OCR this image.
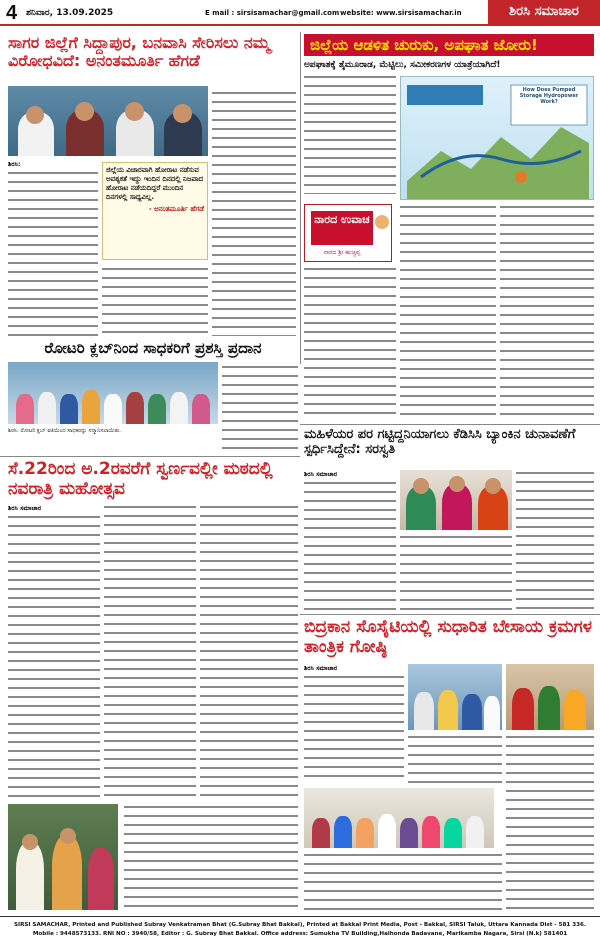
4 ಶನಿವಾರ, 13.09.2025	E mail : sirsisamachar@gmail.com website: www.sirsisamachar.in	ಶಿರಸಿ ಸಮಾಚಾರ
ಸಾಗರ ಜಿಲ್ಲೆಗೆ ಸಿದ್ದಾಪುರ, ಬನವಾಸಿ ಸೇರಿಸಲು ನಮ್ಮ ವಿರೋಧವಿದೆ: ಅನಂತಮೂರ್ತಿ ಹೆಗಡೆ
ಜಿಲ್ಲೆಯ ವಿಚಾರವಾಗಿ ಹೋರಾಟ ನಡೆಸುವ ಅವಶ್ಯಕತೆ ಇದ್ದು ಇಂದಿನ ದಿನದಲ್ಲಿ ನಿಜವಾದ ಹೋರಾಟ ನಡೆಯದಿದ್ದರೆ ಮುಂದಿನ ದಿನಗಳಲ್ಲಿ ಸಾಧ್ಯವಿಲ್ಲ.
- ಅನಂತಮೂರ್ತಿ ಹೆಗಡೆ
ಶಿರಸಿ:
ಜಿಲ್ಲೆಯ ಆಡಳಿತ ಚುರುಕು, ಅಪಘಾತ ಜೋರು!
ಅಪಘಾತಕ್ಕೆ ತೈಮೂರಾಡ, ಮೆಟ್ಟಿಲು, ಸಮೀಕರಣಗಳ ಯಾತ್ರೆಯಾಗಿದೆ!
How Does Pumped Storage Hydropower Work?
ನಾರದ ಉವಾಚ
ನಾರದ ಶ್ರೀ ಹುಚ್ಚಪ್ಪ
ರೋಟರಿ ಕ್ಲಬ್‌ನಿಂದ ಸಾಧಕರಿಗೆ ಪ್ರಶಸ್ತಿ ಪ್ರದಾನ
ಶಿರಸಿ: ರೋಟರಿ ಕ್ಲಬ್ ವತಿಯಿಂದ ಸಾಧಕರನ್ನು ಸನ್ಮಾನಿಸಲಾಯಿತು.
ಸೆ.22ರಿಂದ ಅ.2ರವರೆಗೆ ಸ್ವರ್ಣವಲ್ಲೀ ಮಠದಲ್ಲಿ ನವರಾತ್ರಿ ಮಹೋತ್ಸವ
ಶಿರಸಿ ಸಮಾಚಾರ
ಮಹಿಳೆಯರ ಪರ ಗಟ್ಟಿದ್ದನಿಯಾಗಲು ಕೆಡಿಸಿಸಿ ಬ್ಯಾಂಕಿನ ಚುನಾವಣೆಗೆ ಸ್ಪರ್ಧಿಸಿದ್ದೇನೆ: ಸರಸ್ವತಿ
ಶಿರಸಿ ಸಮಾಚಾರ
ಬಿದ್ರಕಾನ ಸೊಸೈಟಿಯಲ್ಲಿ ಸುಧಾರಿತ ಬೇಸಾಯ ಕ್ರಮಗಳ ತಾಂತ್ರಿಕ ಗೋಷ್ಠಿ
ಶಿರಸಿ ಸಮಾಚಾರ
SIRSI SAMACHAR, Printed and Published Subray Venkatraman Bhat (G.Subray Bhat Bakkal), Printed at Bakkal Print Media, Post - Bakkal, SIRSI Taluk, Uttara Kannada Dist - 581 336.
Mobile : 9448573133. RNI NO : 3940/58, Editor : G. Subray Bhat Bakkal. Office address: Sumukha TV Building,Halhonda Badavane, Marikamba Nagara, Sirsi (N.k) 581401
